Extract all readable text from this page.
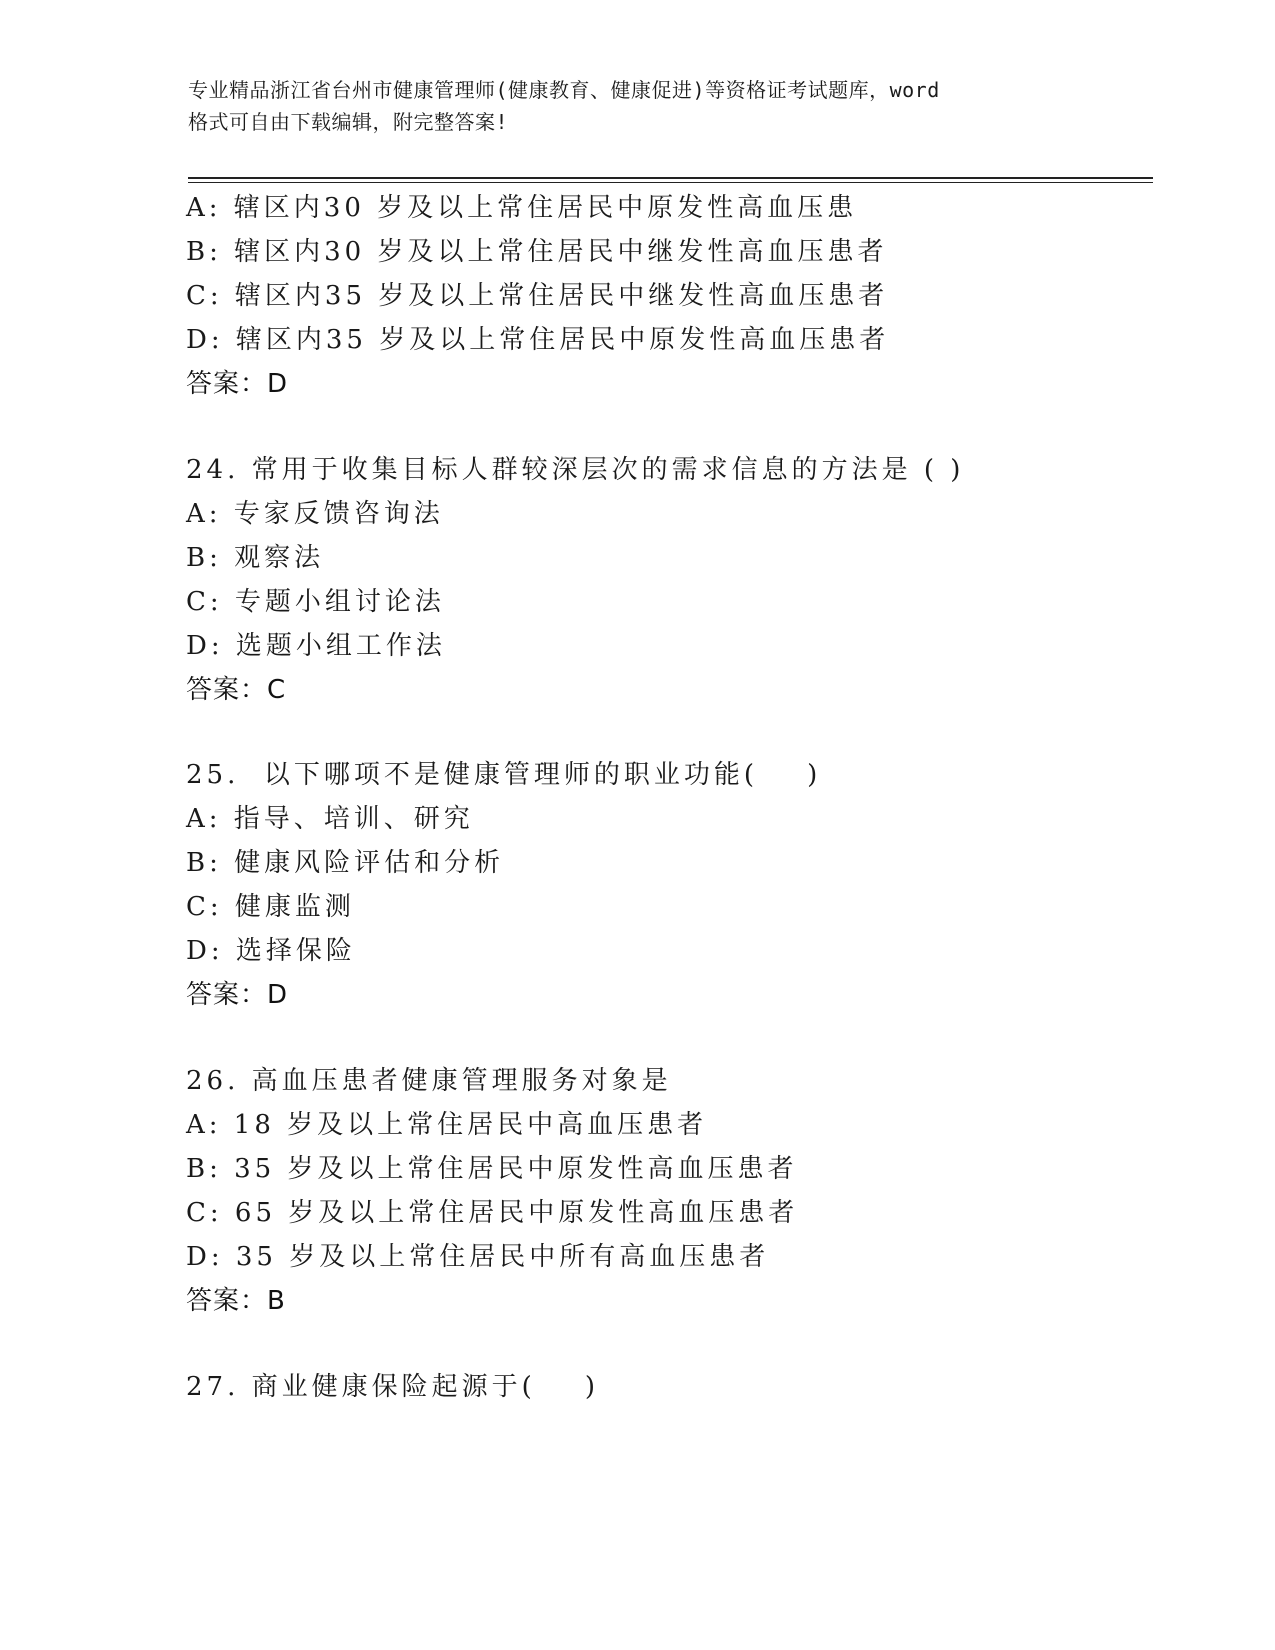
专业精品浙江省台州市健康管理师(健康教育、健康促进)等资格证考试题库，word
格式可自由下载编辑，附完整答案!
A: 辖区内30 岁及以上常住居民中原发性高血压患
B: 辖区内30 岁及以上常住居民中继发性高血压患者
C: 辖区内35 岁及以上常住居民中继发性高血压患者
D: 辖区内35 岁及以上常住居民中原发性高血压患者
答案：D
24. 常用于收集目标人群较深层次的需求信息的方法是 ( )
A: 专家反馈咨询法
B: 观察法
C: 专题小组讨论法
D: 选题小组工作法
答案：C
25.  以下哪项不是健康管理师的职业功能(    )
A: 指导、培训、研究
B: 健康风险评估和分析
C: 健康监测
D: 选择保险
答案：D
26. 高血压患者健康管理服务对象是
A: 18 岁及以上常住居民中高血压患者
B: 35 岁及以上常住居民中原发性高血压患者
C: 65 岁及以上常住居民中原发性高血压患者
D: 35 岁及以上常住居民中所有高血压患者
答案：B
27. 商业健康保险起源于(    )
